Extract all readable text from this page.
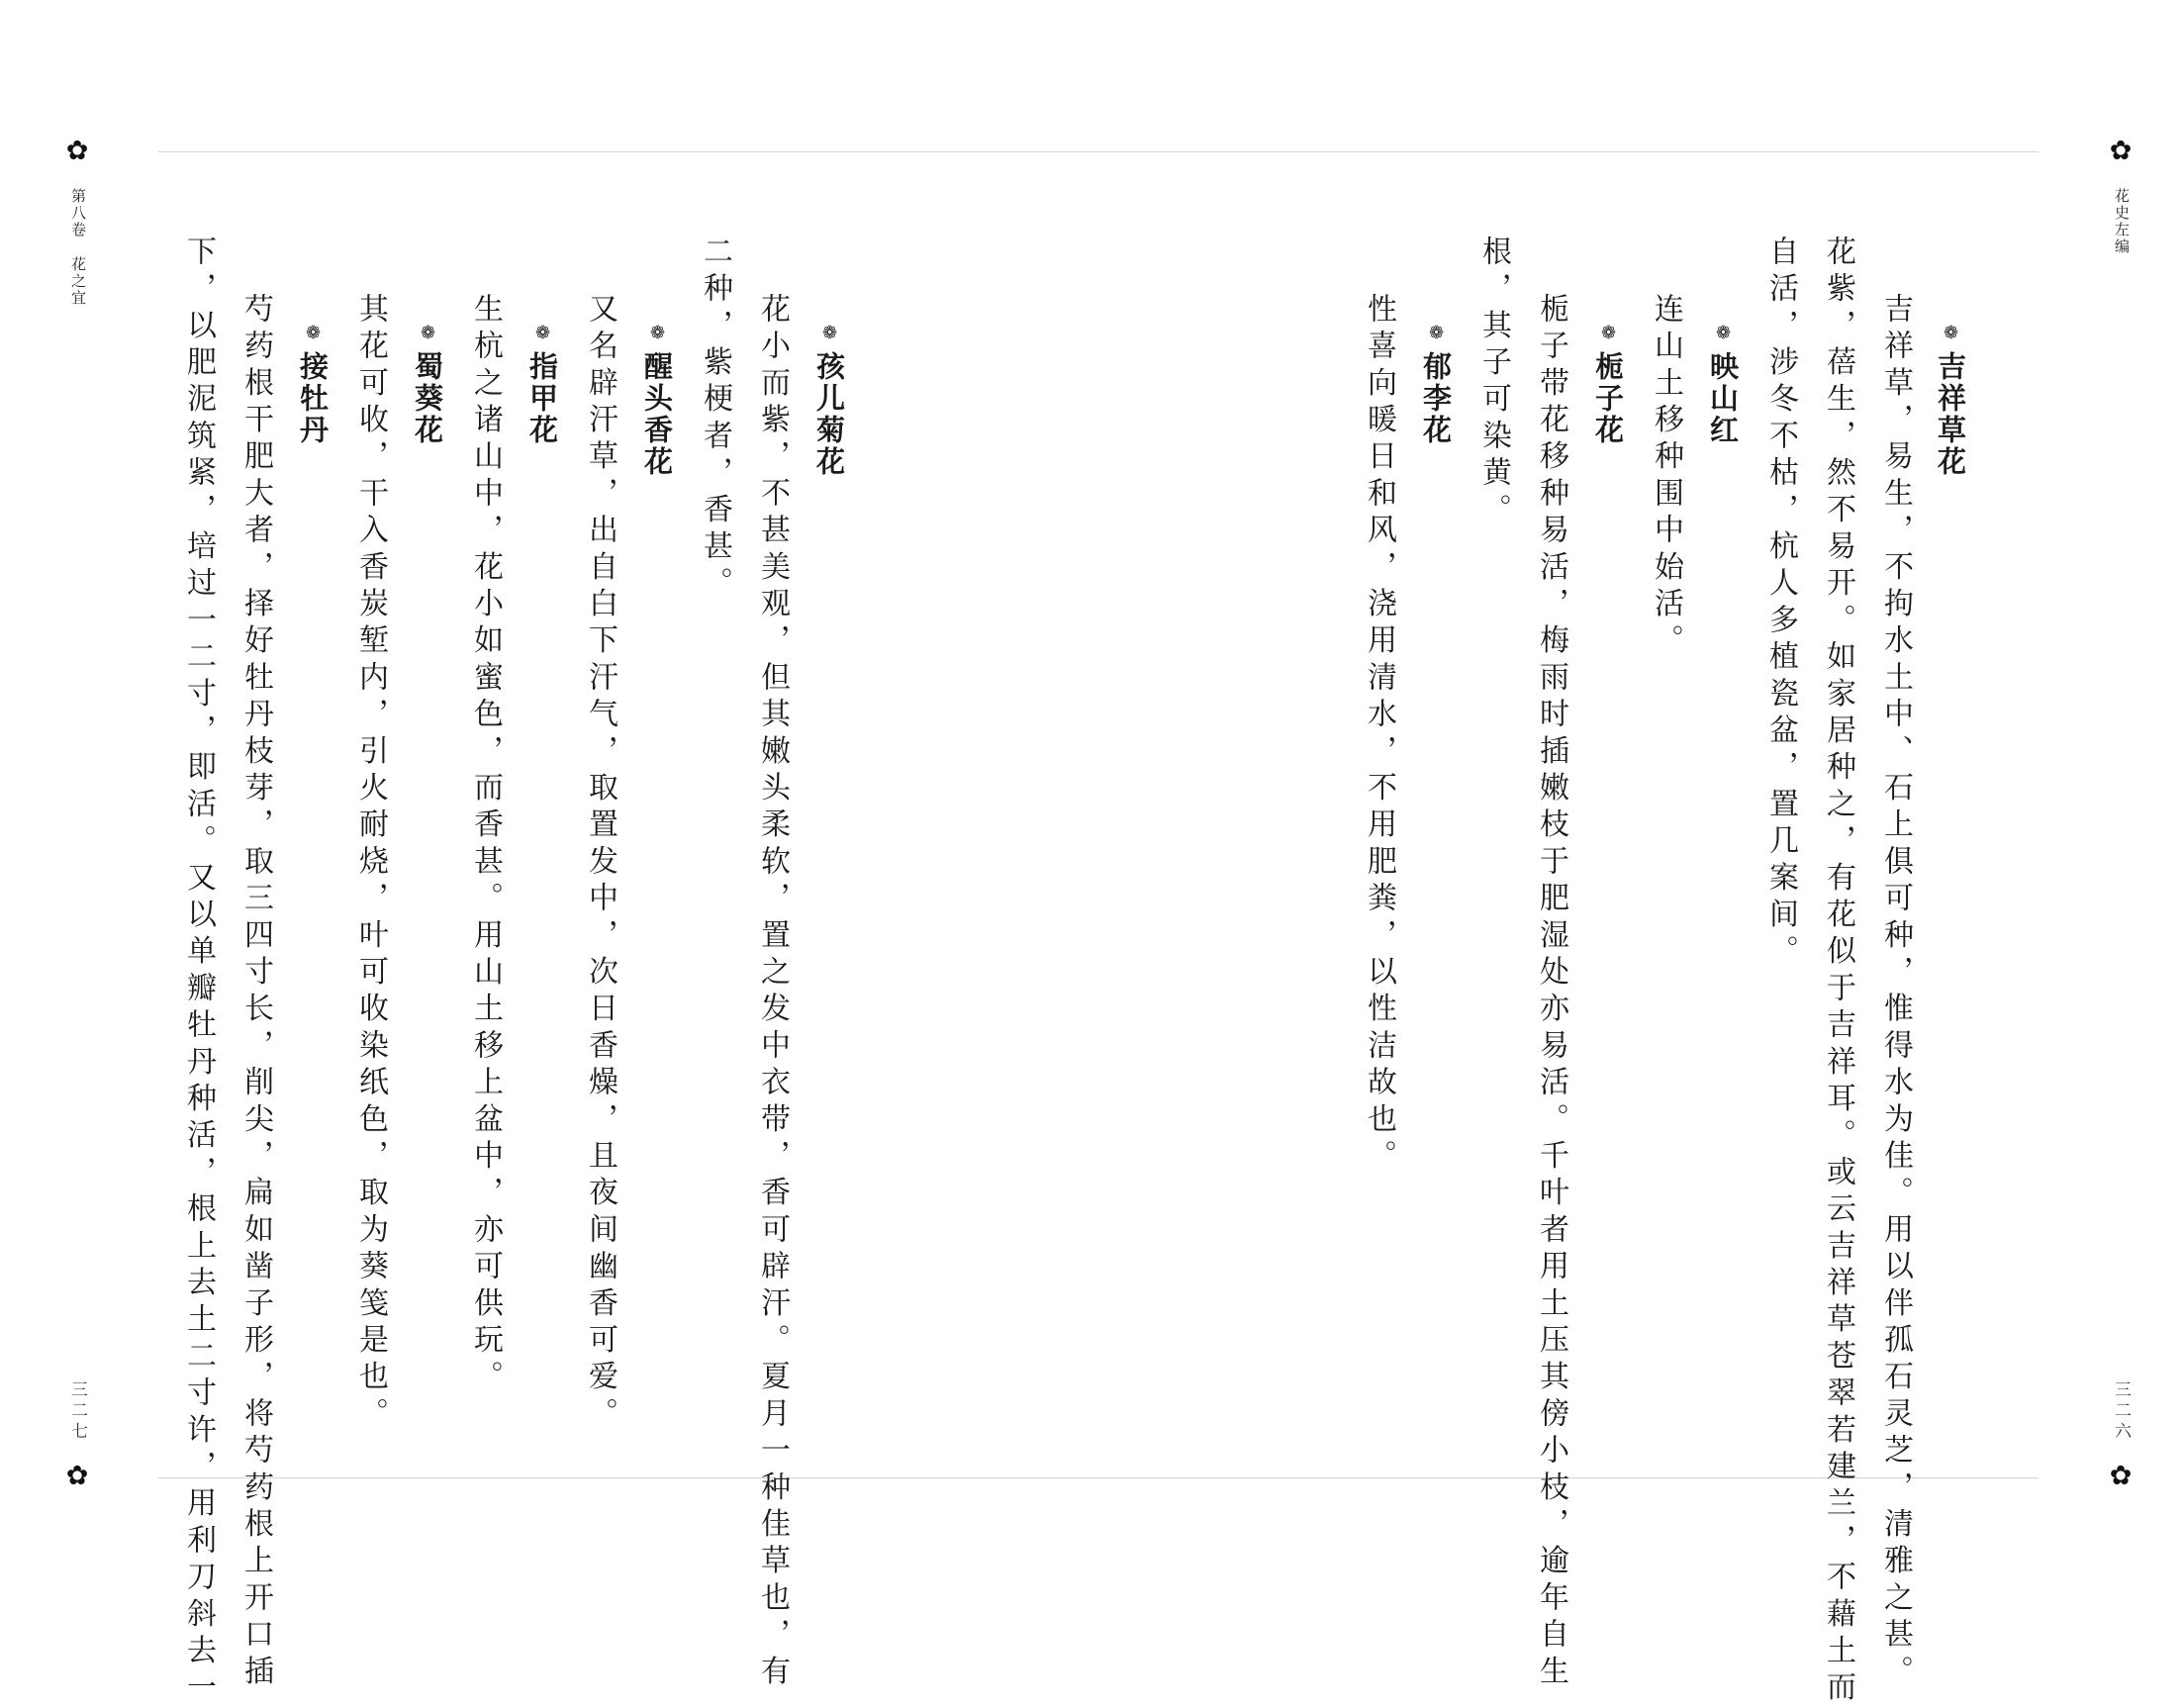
✿	✿
✿	✿
第八卷花之宜
花史左编
三二七	三二六
❁吉祥草花
吉祥草，易生，不拘水土中、石上俱可种，惟得水为佳。用以伴孤石灵芝，清雅之甚。
花紫，蓓生，然不易开。如家居种之，有花似于吉祥耳。或云吉祥草苍翠若建兰，不藉土而
自活，涉冬不枯，杭人多植瓷盆，置几案间。
❁映山红
连山土移种围中始活。
❁栀子花
栀子带花移种易活，梅雨时插嫩枝于肥湿处亦易活。千叶者用土压其傍小枝，逾年自生
根，其子可染黄。
❁郁李花
性喜向暖日和风，浇用清水，不用肥粪，以性洁故也。
❁孩儿菊花
花小而紫，不甚美观，但其嫩头柔软，置之发中衣带，香可辟汗。夏月一种佳草也，有
二种，紫梗者，香甚。
❁醒头香花
又名辟汗草，出自白下汗气，取置发中，次日香燥，且夜间幽香可爱。
❁指甲花
生杭之诸山中，花小如蜜色，而香甚。用山土移上盆中，亦可供玩。
❁蜀葵花
其花可收，干入香炭堑内，引火耐烧，叶可收染纸色，取为葵笺是也。
❁接牡丹
芍药根干肥大者，择好牡丹枝芽，取三四寸长，削尖，扁如凿子形，将芍药根上开口插
下，以肥泥筑紧，培过一二寸，即活。又以单瓣牡丹种活，根上去土二寸许，用利刀斜去一
